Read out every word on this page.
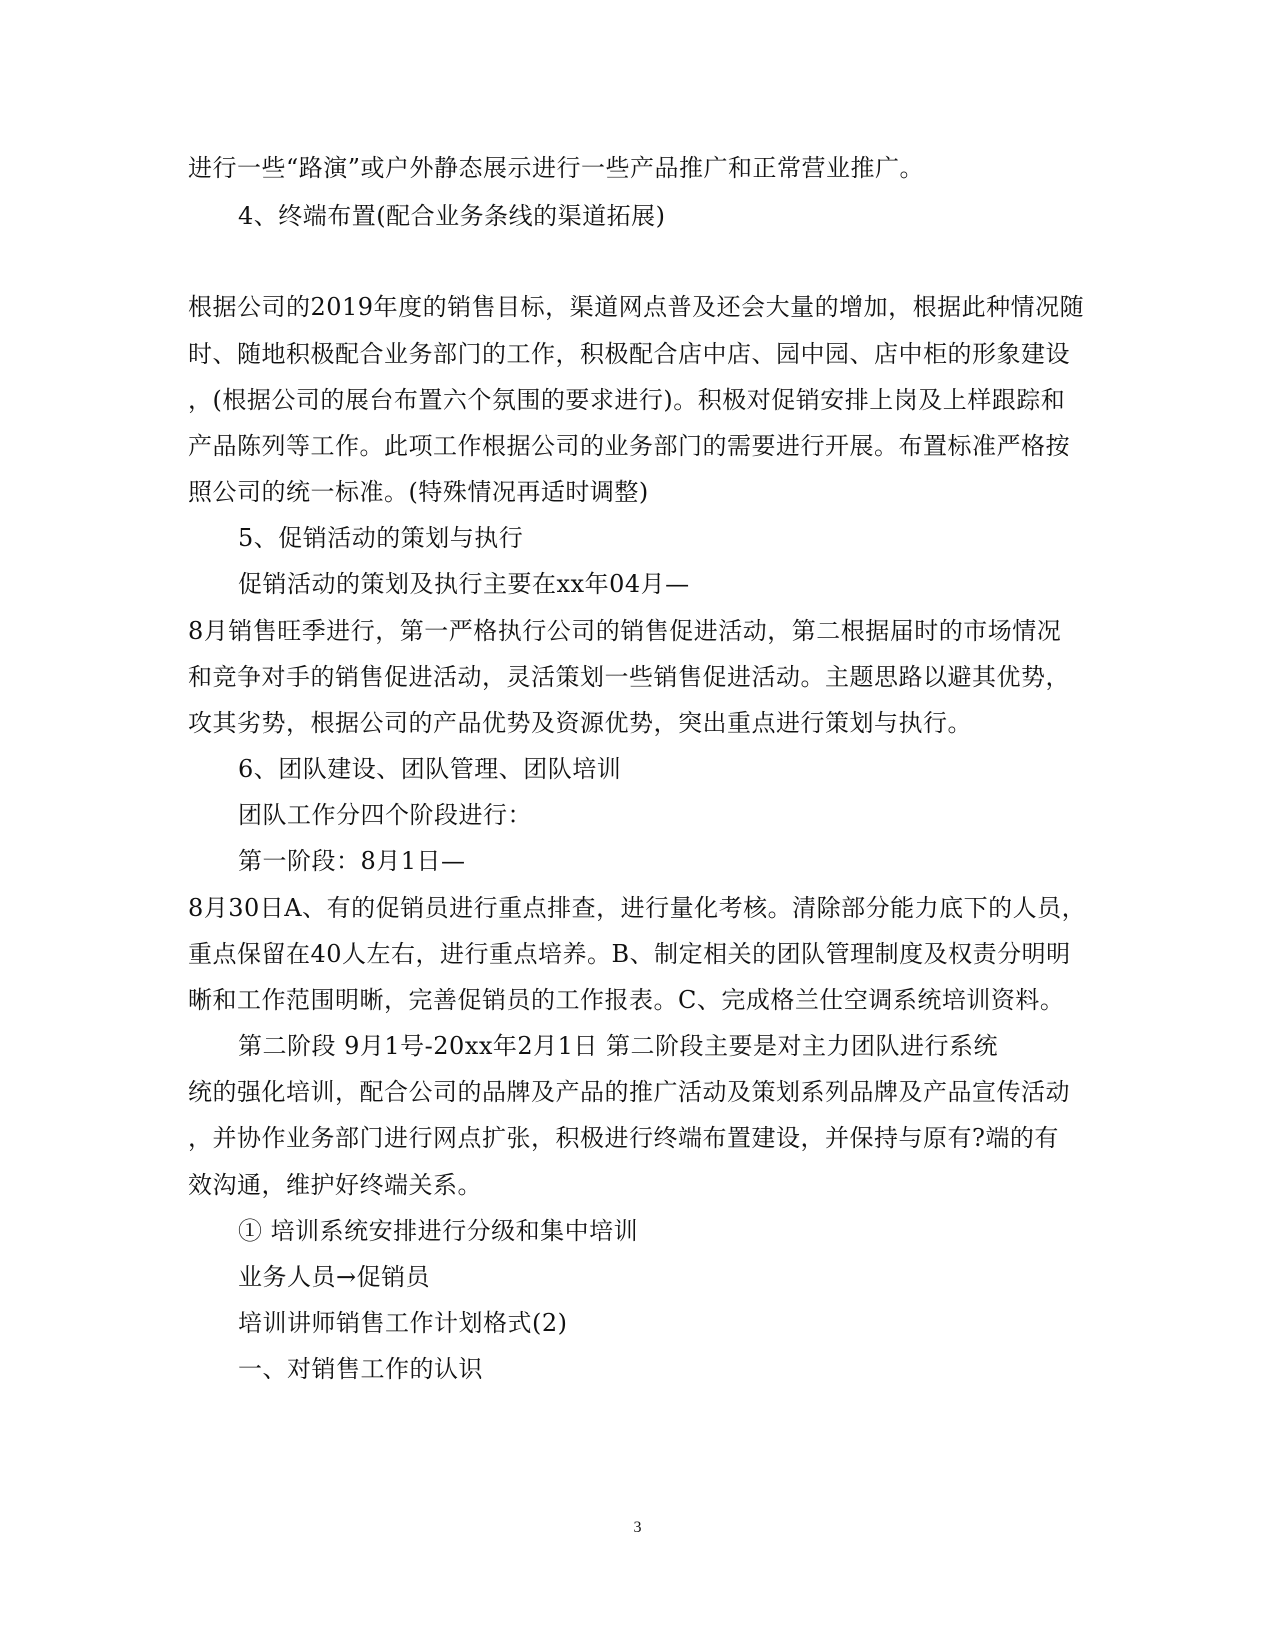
进行一些“路演”或户外静态展示进行一些产品推广和正常营业推广。
4、终端布置(配合业务条线的渠道拓展)
根据公司的2019年度的销售目标，渠道网点普及还会大量的增加，根据此种情况随
时、随地积极配合业务部门的工作，积极配合店中店、园中园、店中柜的形象建设
，(根据公司的展台布置六个氛围的要求进行)。积极对促销安排上岗及上样跟踪和
产品陈列等工作。此项工作根据公司的业务部门的需要进行开展。布置标准严格按
照公司的统一标准。(特殊情况再适时调整)
5、促销活动的策划与执行
促销活动的策划及执行主要在xx年04月—
8月销售旺季进行，第一严格执行公司的销售促进活动，第二根据届时的市场情况
和竞争对手的销售促进活动，灵活策划一些销售促进活动。主题思路以避其优势，
攻其劣势，根据公司的产品优势及资源优势，突出重点进行策划与执行。
6、团队建设、团队管理、团队培训
团队工作分四个阶段进行：
第一阶段：8月1日—
8月30日A、有的促销员进行重点排查，进行量化考核。清除部分能力底下的人员，
重点保留在40人左右，进行重点培养。B、制定相关的团队管理制度及权责分明明
晰和工作范围明晰，完善促销员的工作报表。C、完成格兰仕空调系统培训资料。
第二阶段 9月1号-20xx年2月1日 第二阶段主要是对主力团队进行系统
统的强化培训，配合公司的品牌及产品的推广活动及策划系列品牌及产品宣传活动
，并协作业务部门进行网点扩张，积极进行终端布置建设，并保持与原有?端的有
效沟通，维护好终端关系。
① 培训系统安排进行分级和集中培训
业务人员→促销员
培训讲师销售工作计划格式(2)
一、对销售工作的认识
3
